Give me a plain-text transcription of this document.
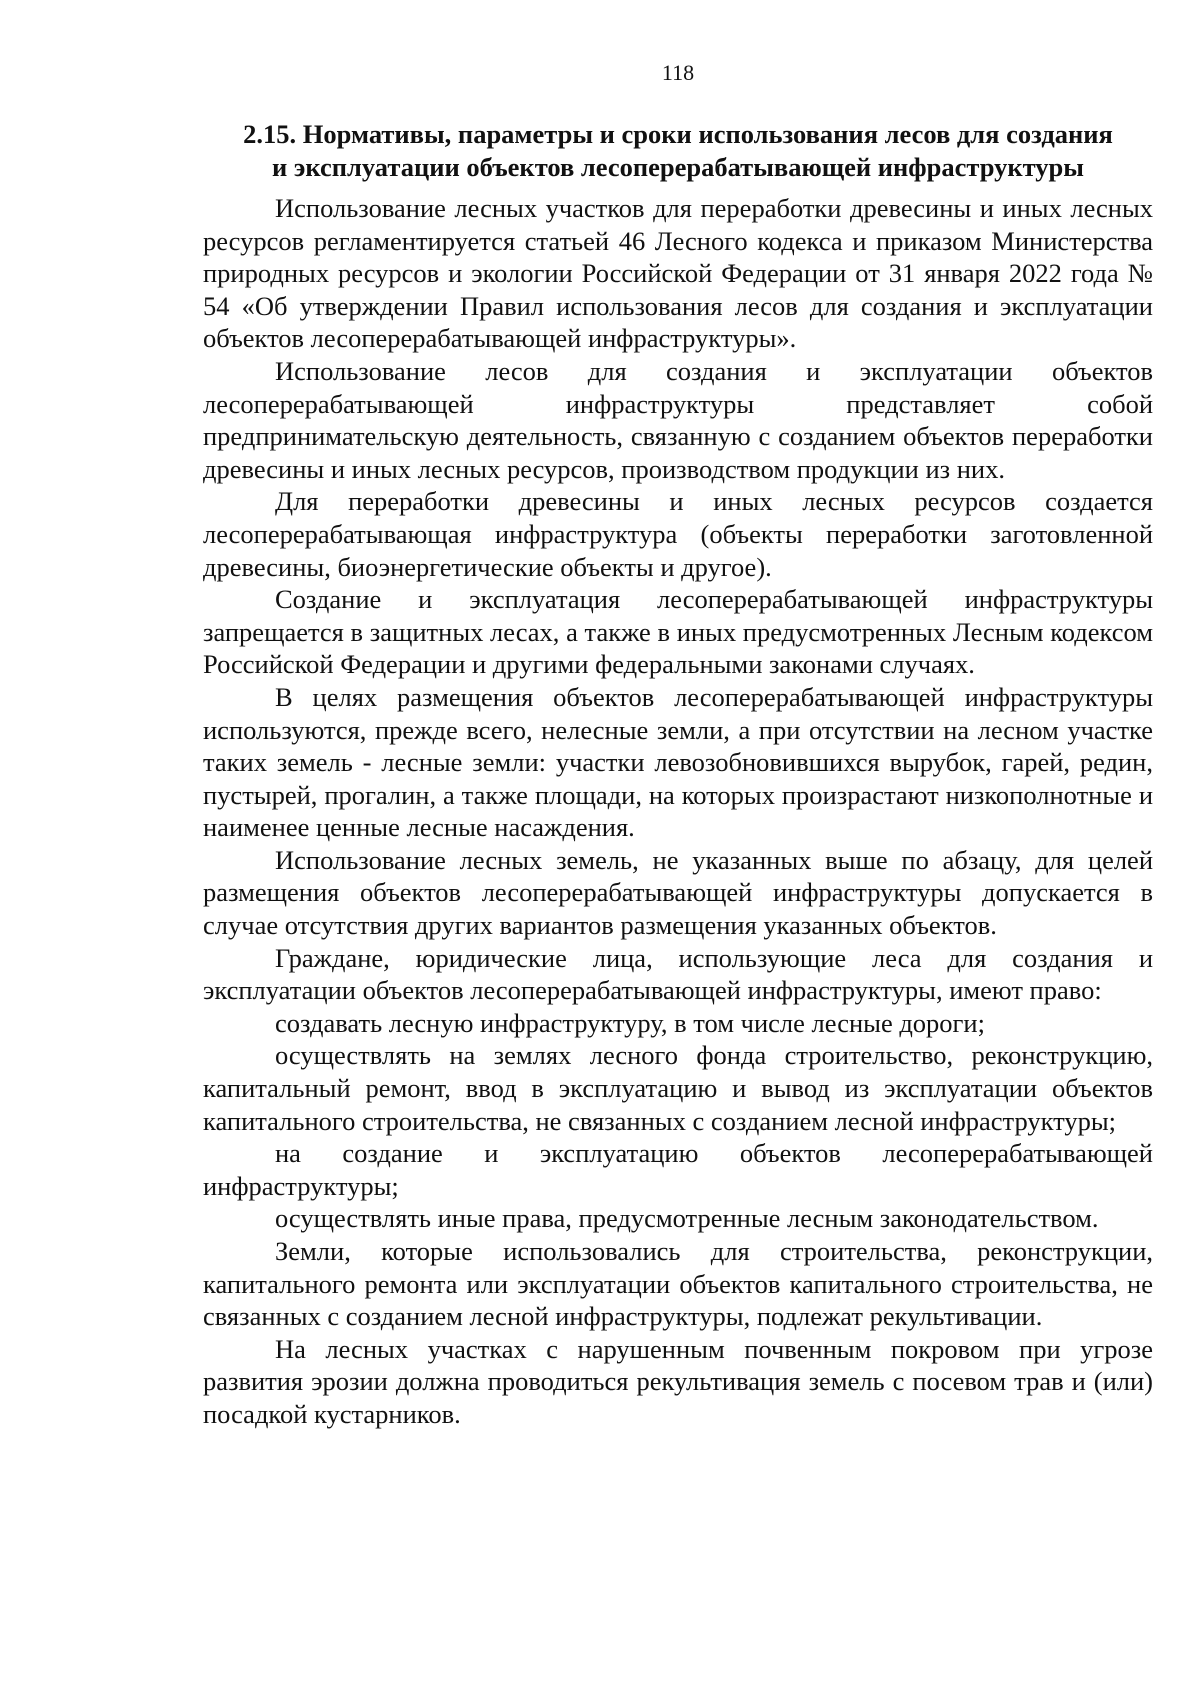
118
2.15. Нормативы, параметры и сроки использования лесов для создания
и эксплуатации объектов лесоперерабатывающей инфраструктуры

Использование лесных участков для переработки древесины и иных лесных ресурсов регламентируется статьей 46 Лесного кодекса и приказом Министерства природных ресурсов и экологии Российской Федерации от 31 января 2022 года № 54 «Об утверждении Правил использования лесов для создания и эксплуатации объектов лесоперерабатывающей инфраструктуры».

Использование лесов для создания и эксплуатации объектов лесоперерабатывающей инфраструктуры представляет собой предпринимательскую деятельность, связанную с созданием объектов переработки древесины и иных лесных ресурсов, производством продукции из них.

Для переработки древесины и иных лесных ресурсов создается лесоперерабатывающая инфраструктура (объекты переработки заготовленной древесины, биоэнергетические объекты и другое).

Создание и эксплуатация лесоперерабатывающей инфраструктуры запрещается в защитных лесах, а также в иных предусмотренных Лесным кодексом Российской Федерации и другими федеральными законами случаях.

В целях размещения объектов лесоперерабатывающей инфраструктуры используются, прежде всего, нелесные земли, а при отсутствии на лесном участке таких земель - лесные земли: участки левозобновившихся вырубок, гарей, редин, пустырей, прогалин, а также площади, на которых произрастают низкополнотные и наименее ценные лесные насаждения.

Использование лесных земель, не указанных выше по абзацу, для целей размещения объектов лесоперерабатывающей инфраструктуры допускается в случае отсутствия других вариантов размещения указанных объектов.

Граждане, юридические лица, использующие леса для создания и эксплуатации объектов лесоперерабатывающей инфраструктуры, имеют право:

создавать лесную инфраструктуру, в том числе лесные дороги;

осуществлять на землях лесного фонда строительство, реконструкцию, капитальный ремонт, ввод в эксплуатацию и вывод из эксплуатации объектов капитального строительства, не связанных с созданием лесной инфраструктуры;

на создание и эксплуатацию объектов лесоперерабатывающей инфраструктуры;

осуществлять иные права, предусмотренные лесным законодательством.

Земли, которые использовались для строительства, реконструкции, капитального ремонта или эксплуатации объектов капитального строительства, не связанных с созданием лесной инфраструктуры, подлежат рекультивации.

На лесных участках с нарушенным почвенным покровом при угрозе развития эрозии должна проводиться рекультивация земель с посевом трав и (или) посадкой кустарников.
